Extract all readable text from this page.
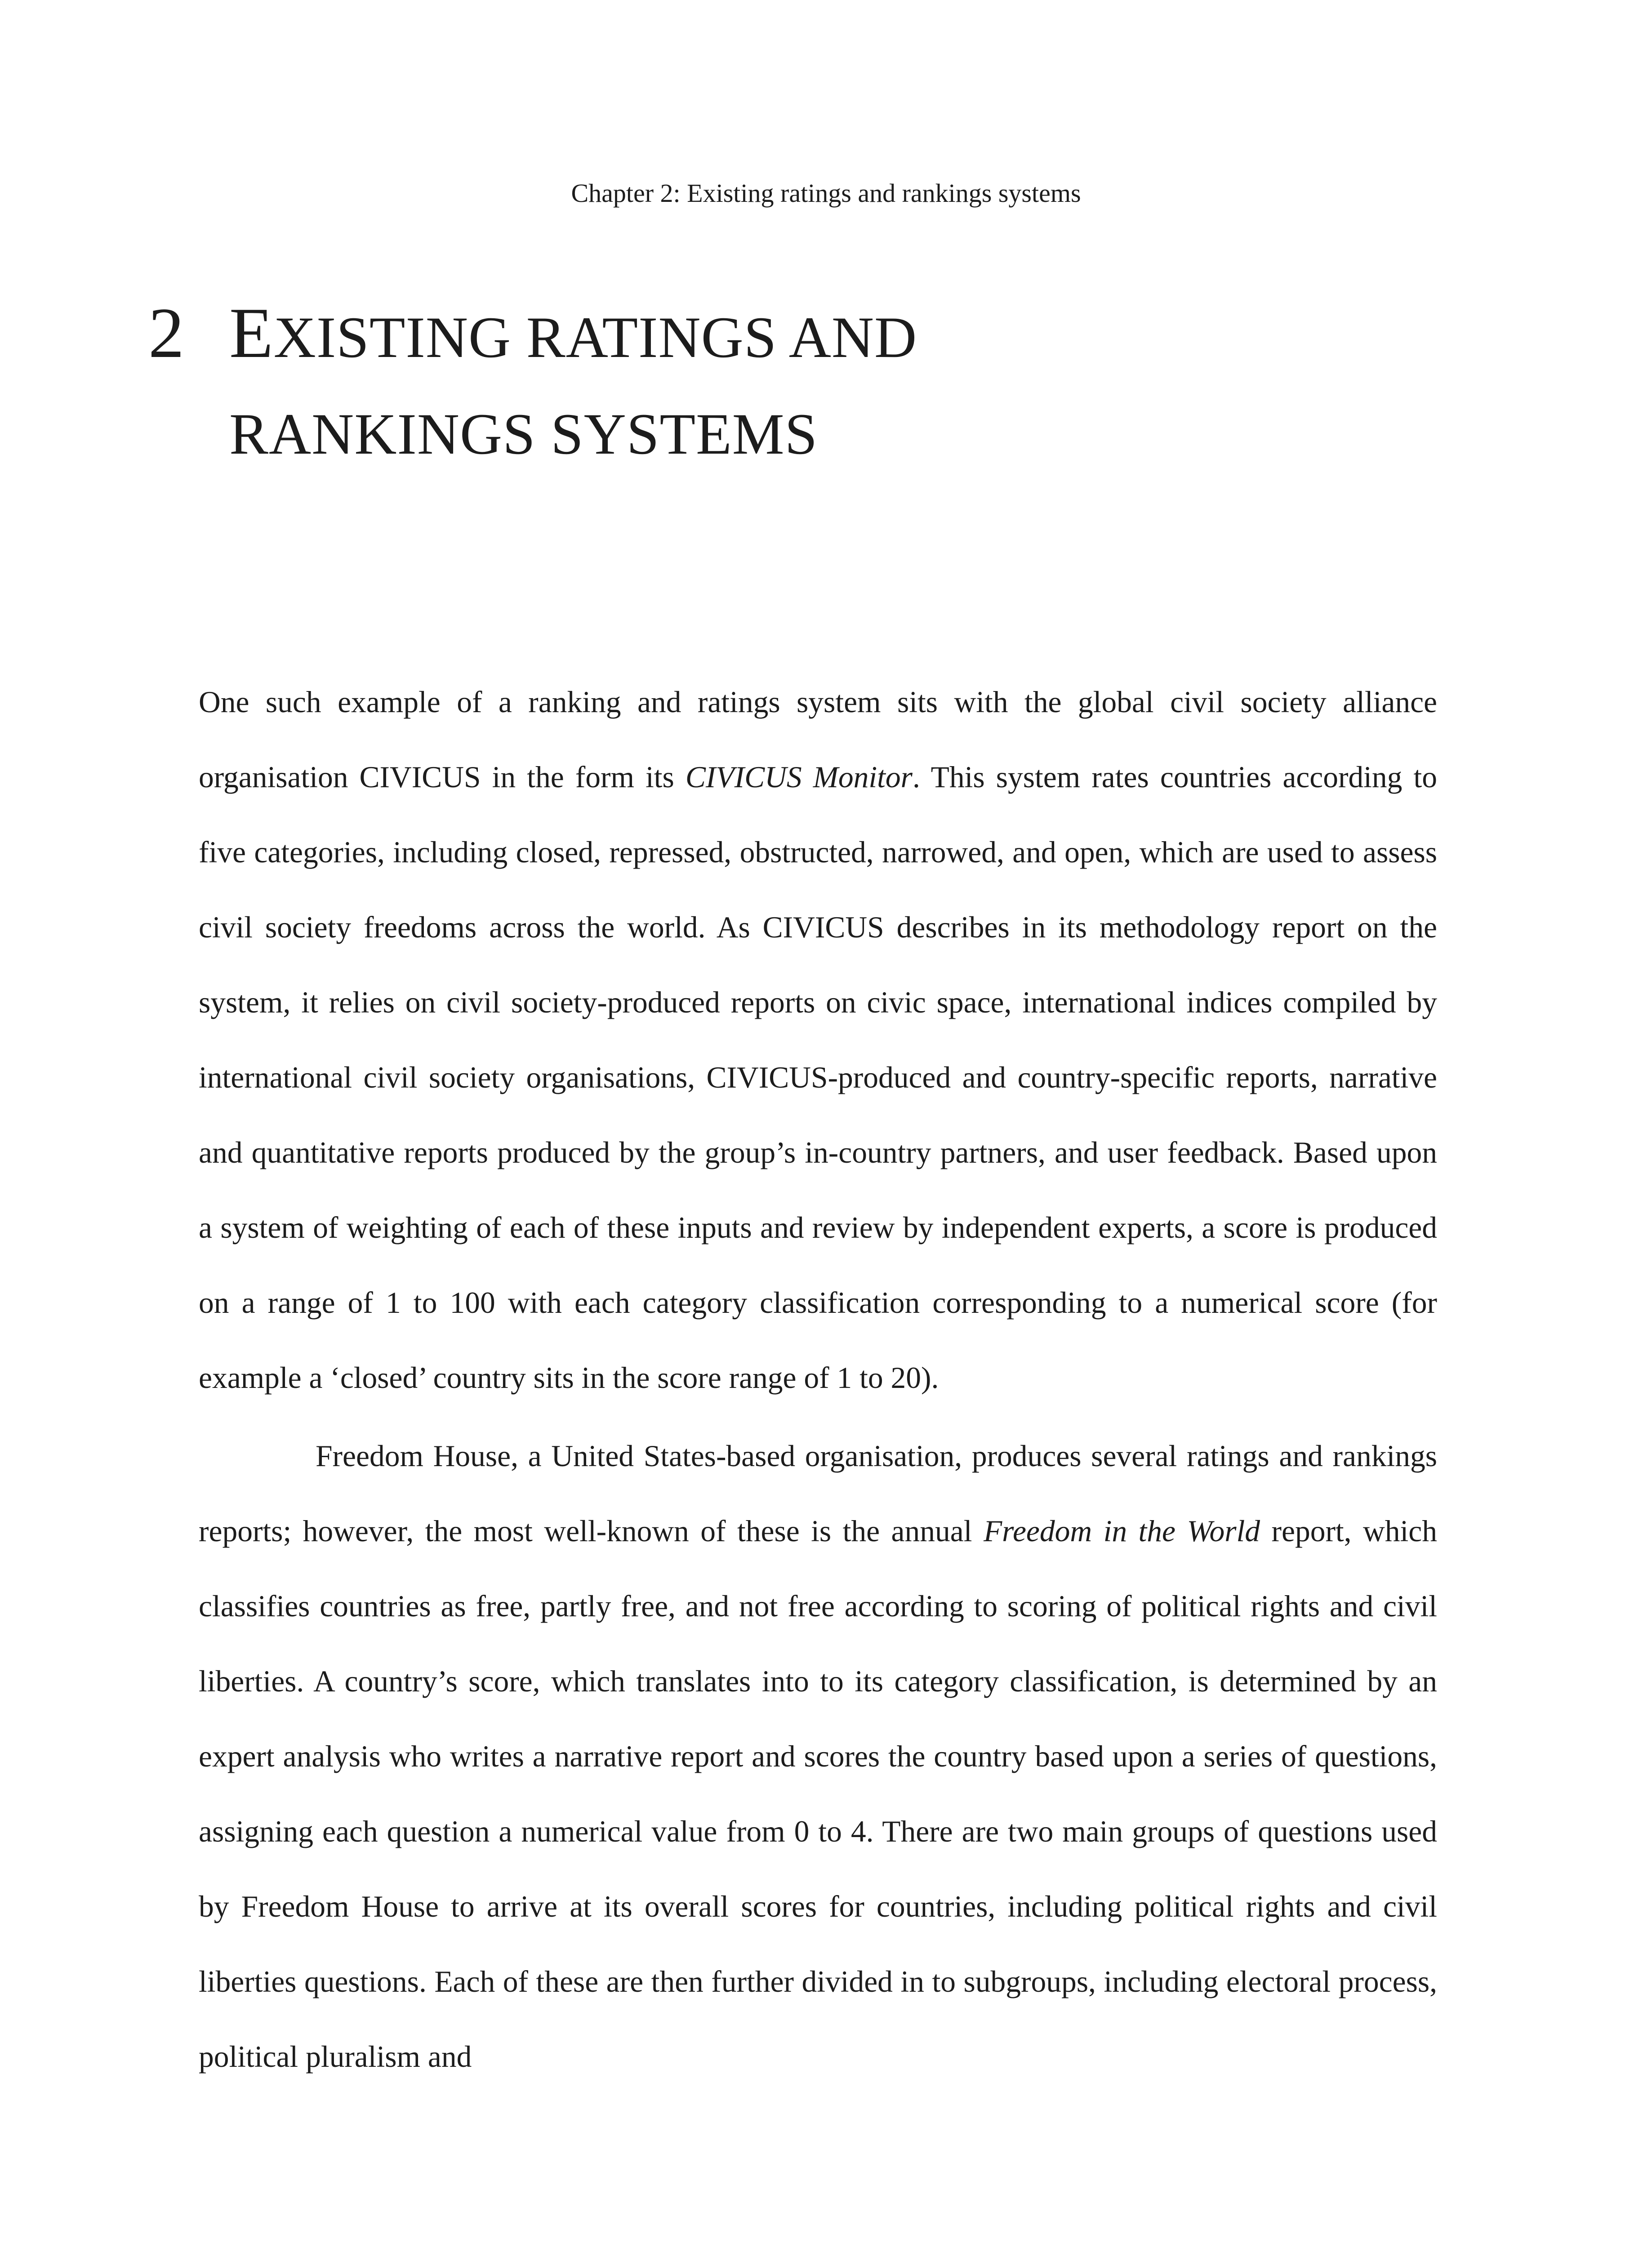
Chapter 2: Existing ratings and rankings systems
2 EXISTING RATINGS AND
RANKINGS SYSTEMS

One such example of a ranking and ratings system sits with the global civil society alliance organisation CIVICUS in the form its CIVICUS Monitor. This system rates countries according to five categories, including closed, repressed, obstructed, narrowed, and open, which are used to assess civil society freedoms across the world. As CIVICUS describes in its methodology report on the system, it relies on civil society-produced reports on civic space, international indices compiled by international civil society organisations, CIVICUS-produced and country-specific reports, narrative and quantitative reports produced by the group’s in-country partners, and user feedback. Based upon a system of weighting of each of these inputs and review by independent experts, a score is produced on a range of 1 to 100 with each category classification corresponding to a numerical score (for example a ‘closed’ country sits in the score range of 1 to 20).

Freedom House, a United States-based organisation, produces several ratings and rankings reports; however, the most well-known of these is the annual Freedom in the World report, which classifies countries as free, partly free, and not free according to scoring of political rights and civil liberties. A country’s score, which translates into to its category classification, is determined by an expert analysis who writes a narrative report and scores the country based upon a series of questions, assigning each question a numerical value from 0 to 4. There are two main groups of questions used by Freedom House to arrive at its overall scores for countries, including political rights and civil liberties questions. Each of these are then further divided in to subgroups, including electoral process, political pluralism and
